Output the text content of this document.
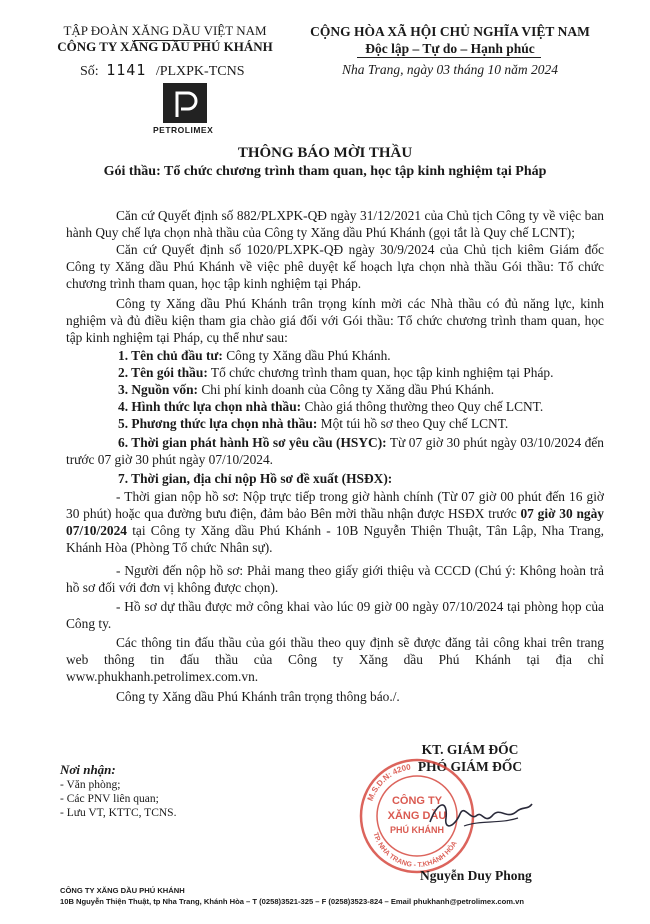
TẬP ĐOÀN XĂNG DẦU VIỆT NAM
CÔNG TY XĂNG DẦU PHÚ KHÁNH
Số: 1141 /PLXPK-TCNS
PETROLIMEX
CỘNG HÒA XÃ HỘI CHỦ NGHĨA VIỆT NAM
Độc lập – Tự do – Hạnh phúc
Nha Trang, ngày 03 tháng 10 năm 2024
THÔNG BÁO MỜI THẦU
Gói thầu: Tổ chức chương trình tham quan, học tập kinh nghiệm tại Pháp
Căn cứ Quyết định số 882/PLXPK-QĐ ngày 31/12/2021 của Chủ tịch Công ty về việc ban hành Quy chế lựa chọn nhà thầu của Công ty Xăng dầu Phú Khánh (gọi tắt là Quy chế LCNT);
Căn cứ Quyết định số 1020/PLXPK-QĐ ngày 30/9/2024 của Chủ tịch kiêm Giám đốc Công ty Xăng dầu Phú Khánh về việc phê duyệt kế hoạch lựa chọn nhà thầu Gói thầu: Tổ chức chương trình tham quan, học tập kinh nghiệm tại Pháp.
Công ty Xăng dầu Phú Khánh trân trọng kính mời các Nhà thầu có đủ năng lực, kinh nghiệm và đủ điều kiện tham gia chào giá đối với Gói thầu: Tổ chức chương trình tham quan, học tập kinh nghiệm tại Pháp, cụ thể như sau:
1. Tên chủ đầu tư: Công ty Xăng dầu Phú Khánh.
2. Tên gói thầu: Tổ chức chương trình tham quan, học tập kinh nghiệm tại Pháp.
3. Nguồn vốn: Chi phí kinh doanh của Công ty Xăng dầu Phú Khánh.
4. Hình thức lựa chọn nhà thầu: Chào giá thông thường theo Quy chế LCNT.
5. Phương thức lựa chọn nhà thầu: Một túi hồ sơ theo Quy chế LCNT.
6. Thời gian phát hành Hồ sơ yêu cầu (HSYC): Từ 07 giờ 30 phút ngày 03/10/2024 đến trước 07 giờ 30 phút ngày 07/10/2024.
7. Thời gian, địa chỉ nộp Hồ sơ đề xuất (HSĐX):
- Thời gian nộp hồ sơ: Nộp trực tiếp trong giờ hành chính (Từ 07 giờ 00 phút đến 16 giờ 30 phút) hoặc qua đường bưu điện, đảm bảo Bên mời thầu nhận được HSĐX trước 07 giờ 30 ngày 07/10/2024 tại Công ty Xăng dầu Phú Khánh - 10B Nguyễn Thiện Thuật, Tân Lập, Nha Trang, Khánh Hòa (Phòng Tổ chức Nhân sự).
- Người đến nộp hồ sơ: Phải mang theo giấy giới thiệu và CCCD (Chú ý: Không hoàn trả hồ sơ đối với đơn vị không được chọn).
- Hồ sơ dự thầu được mở công khai vào lúc 09 giờ 00 ngày 07/10/2024 tại phòng họp của Công ty.
Các thông tin đấu thầu của gói thầu theo quy định sẽ được đăng tải công khai trên trang web thông tin đấu thầu của Công ty Xăng dầu Phú Khánh tại địa chỉ www.phukhanh.petrolimex.com.vn.
Công ty Xăng dầu Phú Khánh trân trọng thông báo./.
Nơi nhận:
- Văn phòng;
- Các PNV liên quan;
- Lưu VT, KTTC, TCNS.
KT. GIÁM ĐỐC
PHÓ GIÁM ĐỐC
M.S.D.N: 4200
TP. NHA TRANG - T.KHÁNH HÒA
CÔNG TY
XĂNG DẦU
PHÚ KHÁNH
Nguyễn Duy Phong
CÔNG TY XĂNG DẦU PHÚ KHÁNH
10B Nguyễn Thiện Thuật, tp Nha Trang, Khánh Hòa – T (0258)3521-325 – F (0258)3523-824 – Email phukhanh@petrolimex.com.vn
